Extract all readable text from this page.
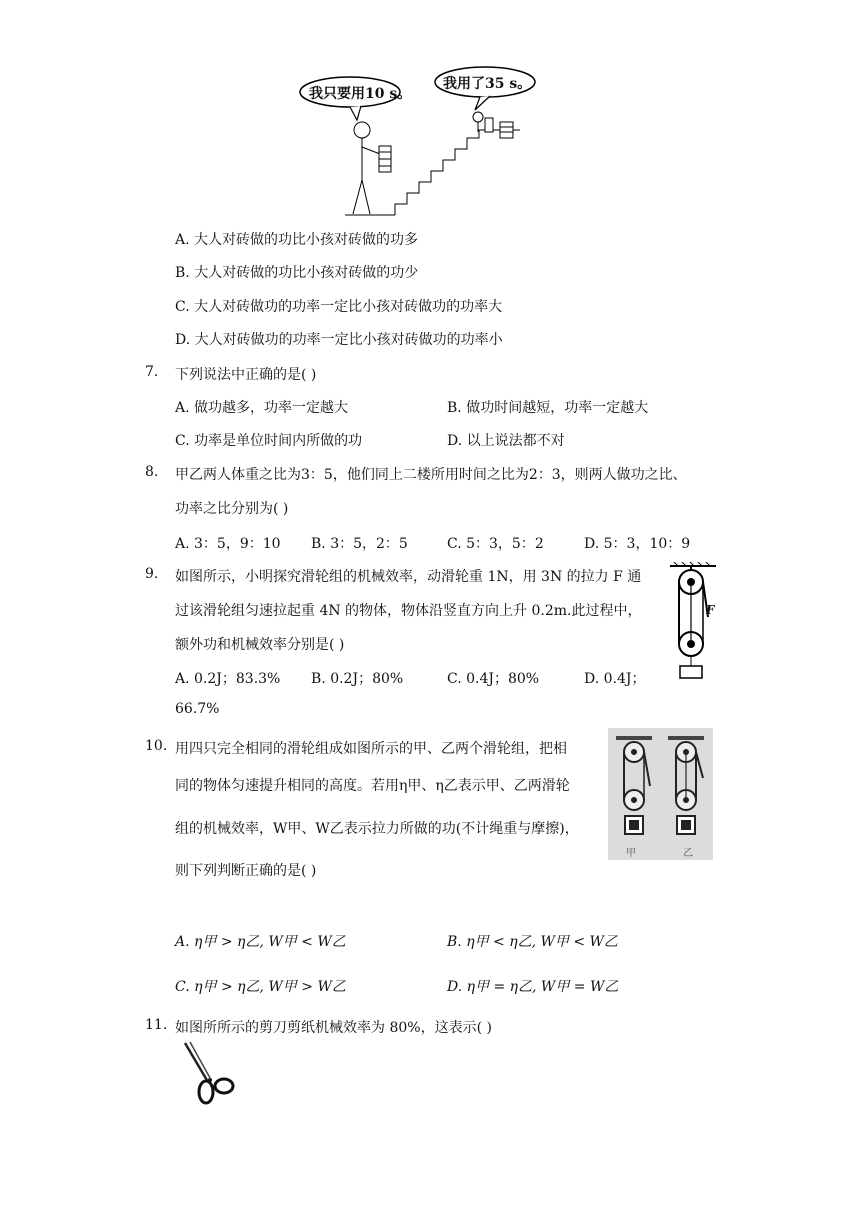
我只要用10 s。
我用了35 s。
A. 大人对砖做的功比小孩对砖做的功多
B. 大人对砖做的功比小孩对砖做的功少
C. 大人对砖做功的功率一定比小孩对砖做功的功率大
D. 大人对砖做功的功率一定比小孩对砖做功的功率小
7. 下列说法中正确的是( )
A. 做功越多，功率一定越大	B. 做功时间越短，功率一定越大
C. 功率是单位时间内所做的功	D. 以上说法都不对
8. 甲乙两人体重之比为3：5，他们同上二楼所用时间之比为2：3，则两人做功之比、
功率之比分别为( )
A. 3：5，9：10 B. 3：5，2：5	C. 5：3，5：2	D. 5：3，10：9
9. 如图所示，小明探究滑轮组的机械效率，动滑轮重 1N，用 3N 的拉力 F 通
过该滑轮组匀速拉起重 4N 的物体，物体沿竖直方向上升 0.2m.此过程中，
额外功和机械效率分别是( )
A. 0.2J；83.3% B. 0.2J；80%	C. 0.4J；80%	D. 0.4J；
66.7%
F
10. 用四只完全相同的滑轮组成如图所示的甲、乙两个滑轮组，把相
同的物体匀速提升相同的高度。若用η甲、η乙表示甲、乙两滑轮
组的机械效率，W甲、W乙表示拉力所做的功(不计绳重与摩擦)，
则下列判断正确的是( )
甲	乙
A. η甲 > η乙, W甲 < W乙	B. η甲 < η乙, W甲 < W乙
C. η甲 > η乙, W甲 > W乙	D. η甲 = η乙, W甲 = W乙
11. 如图所所示的剪刀剪纸机械效率为 80%，这表示( )
